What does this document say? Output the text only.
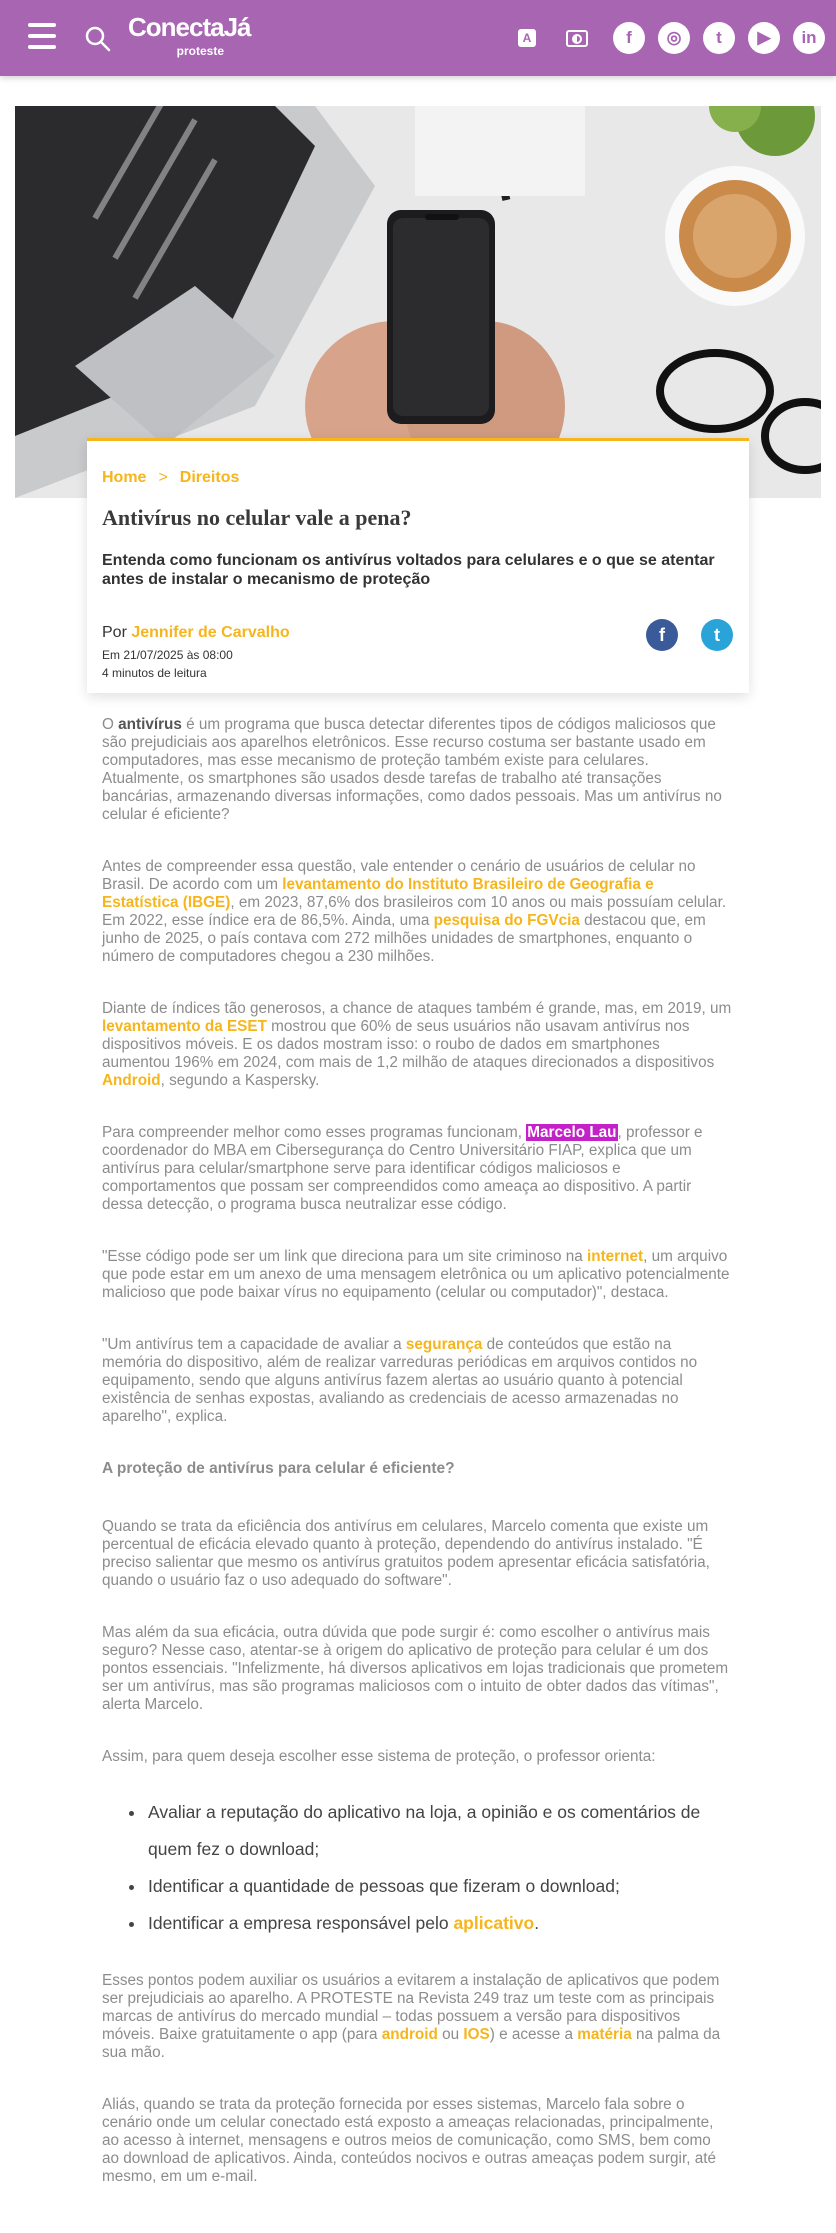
ConectaJá
proteste
A	f	◎	t	▶	in
Home > Direitos
Antivírus no celular vale a pena?
Entenda como funcionam os antivírus voltados para celulares e o que se atentar antes de instalar o mecanismo de proteção
Por Jennifer de Carvalho
Em 21/07/2025 às 08:00
4 minutos de leitura
f	t

O antivírus é um programa que busca detectar diferentes tipos de códigos maliciosos que são prejudiciais aos aparelhos eletrônicos. Esse recurso costuma ser bastante usado em computadores, mas esse mecanismo de proteção também existe para celulares. Atualmente, os smartphones são usados desde tarefas de trabalho até transações bancárias, armazenando diversas informações, como dados pessoais. Mas um antivírus no celular é eficiente?

Antes de compreender essa questão, vale entender o cenário de usuários de celular no Brasil. De acordo com um levantamento do Instituto Brasileiro de Geografia e Estatística (IBGE), em 2023, 87,6% dos brasileiros com 10 anos ou mais possuíam celular. Em 2022, esse índice era de 86,5%. Ainda, uma pesquisa do FGVcia destacou que, em junho de 2025, o país contava com 272 milhões unidades de smartphones, enquanto o número de computadores chegou a 230 milhões.

Diante de índices tão generosos, a chance de ataques também é grande, mas, em 2019, um levantamento da ESET mostrou que 60% de seus usuários não usavam antivírus nos dispositivos móveis. E os dados mostram isso: o roubo de dados em smartphones aumentou 196% em 2024, com mais de 1,2 milhão de ataques direcionados a dispositivos Android, segundo a Kaspersky.

Para compreender melhor como esses programas funcionam, Marcelo Lau, professor e coordenador do MBA em Cibersegurança do Centro Universitário FIAP, explica que um antivírus para celular/smartphone serve para identificar códigos maliciosos e comportamentos que possam ser compreendidos como ameaça ao dispositivo. A partir dessa detecção, o programa busca neutralizar esse código.

"Esse código pode ser um link que direciona para um site criminoso na internet, um arquivo que pode estar em um anexo de uma mensagem eletrônica ou um aplicativo potencialmente malicioso que pode baixar vírus no equipamento (celular ou computador)", destaca.

"Um antivírus tem a capacidade de avaliar a segurança de conteúdos que estão na memória do dispositivo, além de realizar varreduras periódicas em arquivos contidos no equipamento, sendo que alguns antivírus fazem alertas ao usuário quanto à potencial existência de senhas expostas, avaliando as credenciais de acesso armazenadas no aparelho", explica.

A proteção de antivírus para celular é eficiente?

Quando se trata da eficiência dos antivírus em celulares, Marcelo comenta que existe um percentual de eficácia elevado quanto à proteção, dependendo do antivírus instalado. "É preciso salientar que mesmo os antivírus gratuitos podem apresentar eficácia satisfatória, quando o usuário faz o uso adequado do software".

Mas além da sua eficácia, outra dúvida que pode surgir é: como escolher o antivírus mais seguro? Nesse caso, atentar-se à origem do aplicativo de proteção para celular é um dos pontos essenciais. "Infelizmente, há diversos aplicativos em lojas tradicionais que prometem ser um antivírus, mas são programas maliciosos com o intuito de obter dados das vítimas", alerta Marcelo.

Assim, para quem deseja escolher esse sistema de proteção, o professor orienta:

• Avaliar a reputação do aplicativo na loja, a opinião e os comentários de quem fez o download;
• Identificar a quantidade de pessoas que fizeram o download;
• Identificar a empresa responsável pelo aplicativo.

Esses pontos podem auxiliar os usuários a evitarem a instalação de aplicativos que podem ser prejudiciais ao aparelho. A PROTESTE na Revista 249 traz um teste com as principais marcas de antivírus do mercado mundial – todas possuem a versão para dispositivos móveis. Baixe gratuitamente o app (para android ou IOS) e acesse a matéria na palma da sua mão.

Aliás, quando se trata da proteção fornecida por esses sistemas, Marcelo fala sobre o cenário onde um celular conectado está exposto a ameaças relacionadas, principalmente, ao acesso à internet, mensagens e outros meios de comunicação, como SMS, bem como ao download de aplicativos. Ainda, conteúdos nocivos e outras ameaças podem surgir, até mesmo, em um e-mail.
